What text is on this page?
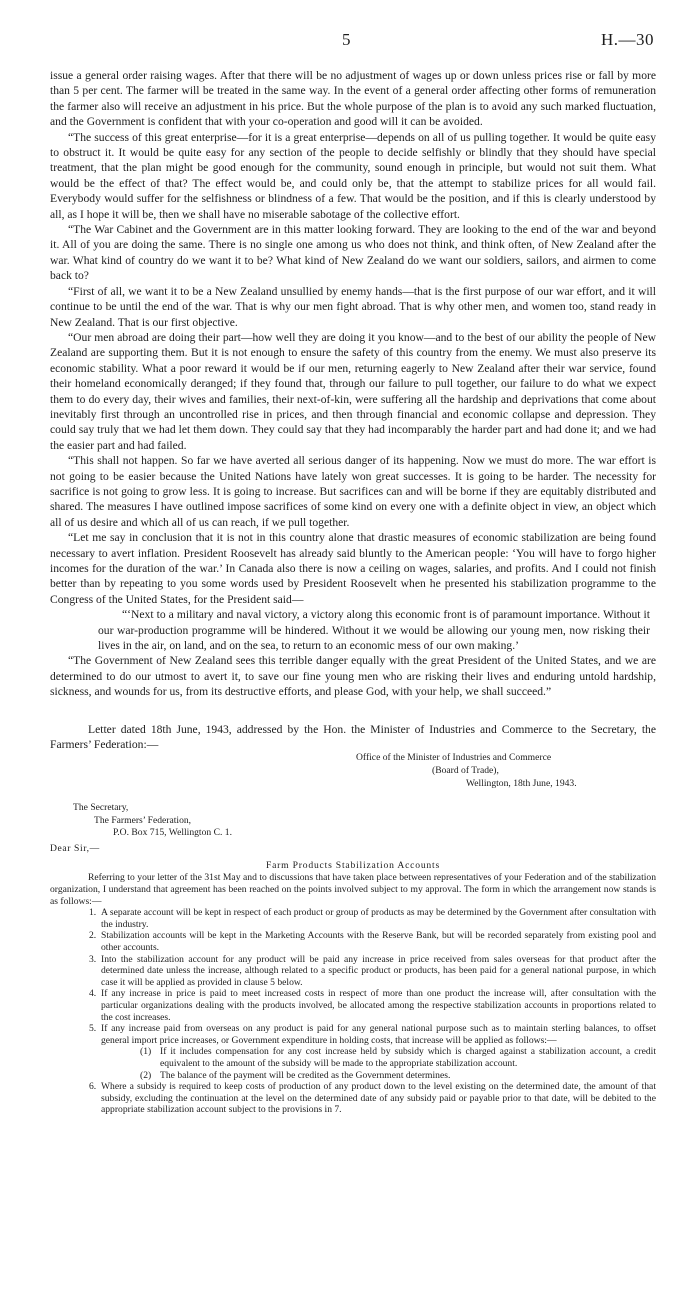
5	H.—30

issue a general order raising wages. After that there will be no adjustment of wages up or down unless prices rise or fall by more than 5 per cent. The farmer will be treated in the same way. In the event of a general order affecting other forms of remuneration the farmer also will receive an adjustment in his price. But the whole purpose of the plan is to avoid any such marked fluctuation, and the Government is confident that with your co-operation and good will it can be avoided.

“The success of this great enterprise—for it is a great enterprise—depends on all of us pulling together. It would be quite easy to obstruct it. It would be quite easy for any section of the people to decide selfishly or blindly that they should have special treatment, that the plan might be good enough for the community, sound enough in principle, but would not suit them. What would be the effect of that? The effect would be, and could only be, that the attempt to stabilize prices for all would fail. Everybody would suffer for the selfishness or blindness of a few. That would be the position, and if this is clearly understood by all, as I hope it will be, then we shall have no miserable sabotage of the collective effort.

“The War Cabinet and the Government are in this matter looking forward. They are looking to the end of the war and beyond it. All of you are doing the same. There is no single one among us who does not think, and think often, of New Zealand after the war. What kind of country do we want it to be? What kind of New Zealand do we want our soldiers, sailors, and airmen to come back to?

“First of all, we want it to be a New Zealand unsullied by enemy hands—that is the first purpose of our war effort, and it will continue to be until the end of the war. That is why our men fight abroad. That is why other men, and women too, stand ready in New Zealand. That is our first objective.

“Our men abroad are doing their part—how well they are doing it you know—and to the best of our ability the people of New Zealand are supporting them. But it is not enough to ensure the safety of this country from the enemy. We must also preserve its economic stability. What a poor reward it would be if our men, returning eagerly to New Zealand after their war service, found their homeland economically deranged; if they found that, through our failure to pull together, our failure to do what we expect them to do every day, their wives and families, their next-of-kin, were suffering all the hardship and deprivations that come about inevitably first through an uncontrolled rise in prices, and then through financial and economic collapse and depression. They could say truly that we had let them down. They could say that they had incomparably the harder part and had done it; and we had the easier part and had failed.

“This shall not happen. So far we have averted all serious danger of its happening. Now we must do more. The war effort is not going to be easier because the United Nations have lately won great successes. It is going to be harder. The necessity for sacrifice is not going to grow less. It is going to increase. But sacrifices can and will be borne if they are equitably distributed and shared. The measures I have outlined impose sacrifices of some kind on every one with a definite object in view, an object which all of us desire and which all of us can reach, if we pull together.

“Let me say in conclusion that it is not in this country alone that drastic measures of economic stabilization are being found necessary to avert inflation. President Roosevelt has already said bluntly to the American people: ‘You will have to forgo higher incomes for the duration of the war.’ In Canada also there is now a ceiling on wages, salaries, and profits. And I could not finish better than by repeating to you some words used by President Roosevelt when he presented his stabilization programme to the Congress of the United States, for the President said—

“‘Next to a military and naval victory, a victory along this economic front is of paramount importance. Without it our war-production programme will be hindered. Without it we would be allowing our young men, now risking their lives in the air, on land, and on the sea, to return to an economic mess of our own making.’

“The Government of New Zealand sees this terrible danger equally with the great President of the United States, and we are determined to do our utmost to avert it, to save our fine young men who are risking their lives and enduring untold hardship, sickness, and wounds for us, from its destructive efforts, and please God, with your help, we shall succeed.”

Letter dated 18th June, 1943, addressed by the Hon. the Minister of Industries and Commerce to the Secretary, the Farmers’ Federation:—

Office of the Minister of Industries and Commerce
(Board of Trade),
Wellington, 18th June, 1943.
The Secretary,
The Farmers’ Federation,
P.O. Box 715, Wellington C. 1.
Dear Sir,—
Farm Products Stabilization Accounts

Referring to your letter of the 31st May and to discussions that have taken place between representatives of your Federation and of the stabilization organization, I understand that agreement has been reached on the points involved subject to my approval. The form in which the arrangement now stands is as follows:—

1. A separate account will be kept in respect of each product or group of products as may be determined by the Government after consultation with the industry.
2. Stabilization accounts will be kept in the Marketing Accounts with the Reserve Bank, but will be recorded separately from existing pool and other accounts.
3. Into the stabilization account for any product will be paid any increase in price received from sales overseas for that product after the determined date unless the increase, although related to a specific product or products, has been paid for a general national purpose, in which case it will be applied as provided in clause 5 below.
4. If any increase in price is paid to meet increased costs in respect of more than one product the increase will, after consultation with the particular organizations dealing with the products involved, be allocated among the respective stabilization accounts in proportions related to the cost increases.
5. If any increase paid from overseas on any product is paid for any general national purpose such as to maintain sterling balances, to offset general import price increases, or Government expenditure in holding costs, that increase will be applied as follows:—
(1) If it includes compensation for any cost increase held by subsidy which is charged against a stabilization account, a credit equivalent to the amount of the subsidy will be made to the appropriate stabilization account.
(2) The balance of the payment will be credited as the Government determines.
6. Where a subsidy is required to keep costs of production of any product down to the level existing on the determined date, the amount of that subsidy, excluding the continuation at the level on the determined date of any subsidy paid or payable prior to that date, will be debited to the appropriate stabilization account subject to the provisions in 7.
